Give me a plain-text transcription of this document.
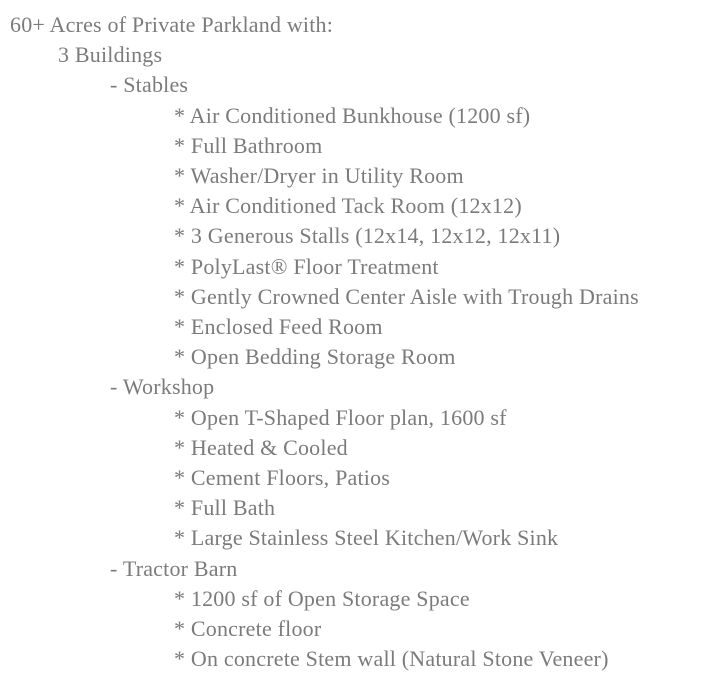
60+ Acres of Private Parkland with:
3 Buildings
- Stables
* Air Conditioned Bunkhouse (1200 sf)
* Full Bathroom
* Washer/Dryer in Utility Room
* Air Conditioned Tack Room (12x12)
* 3 Generous Stalls (12x14, 12x12, 12x11)
* PolyLast® Floor Treatment
* Gently Crowned Center Aisle with Trough Drains
* Enclosed Feed Room
* Open Bedding Storage Room
- Workshop
* Open T-Shaped Floor plan, 1600 sf
* Heated & Cooled
* Cement Floors, Patios
* Full Bath
* Large Stainless Steel Kitchen/Work Sink
- Tractor Barn
* 1200 sf of Open Storage Space
* Concrete floor
* On concrete Stem wall (Natural Stone Veneer)
